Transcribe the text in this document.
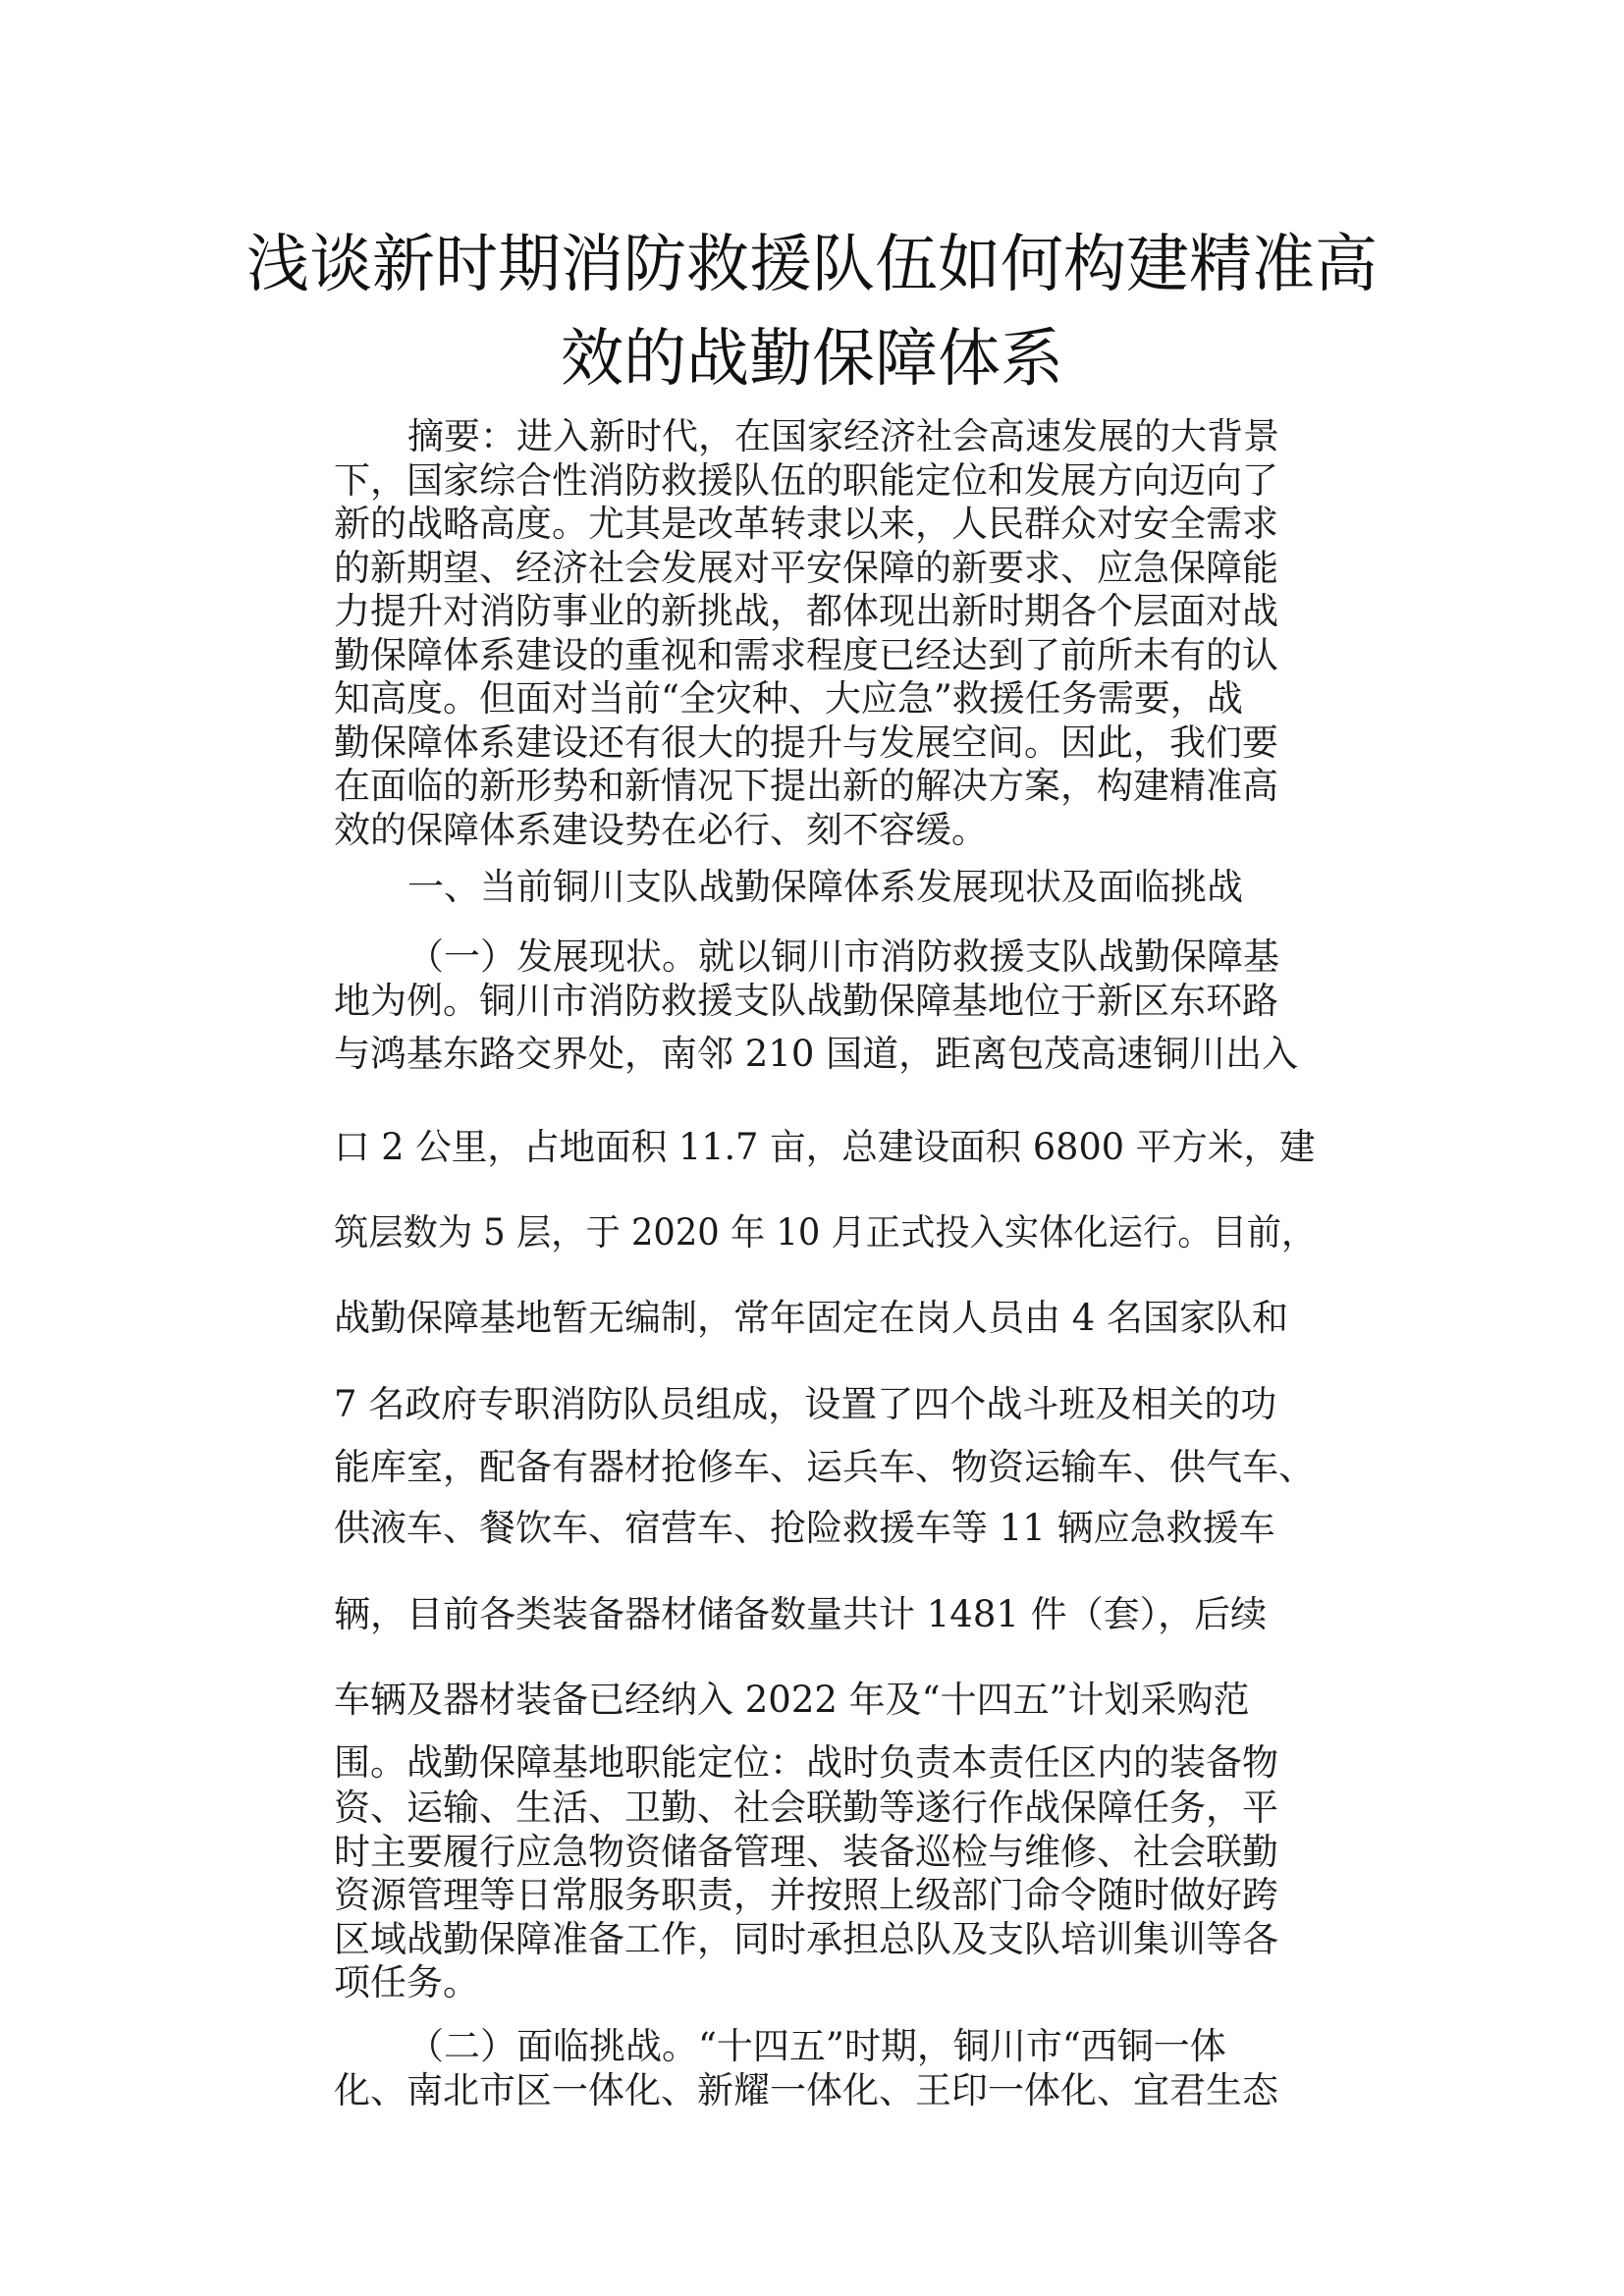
浅谈新时期消防救援队伍如何构建精准高
效的战勤保障体系

摘要：进入新时代，在国家经济社会高速发展的大背景

下，国家综合性消防救援队伍的职能定位和发展方向迈向了

新的战略高度。尤其是改革转隶以来，人民群众对安全需求

的新期望、经济社会发展对平安保障的新要求、应急保障能

力提升对消防事业的新挑战，都体现出新时期各个层面对战

勤保障体系建设的重视和需求程度已经达到了前所未有的认

知高度。但面对当前“全灾种、大应急”救援任务需要，战

勤保障体系建设还有很大的提升与发展空间。因此，我们要

在面临的新形势和新情况下提出新的解决方案，构建精准高

效的保障体系建设势在必行、刻不容缓。

一、当前铜川支队战勤保障体系发展现状及面临挑战

（一）发展现状。就以铜川市消防救援支队战勤保障基

地为例。铜川市消防救援支队战勤保障基地位于新区东环路

与鸿基东路交界处，南邻 210 国道，距离包茂高速铜川出入

口 2 公里，占地面积 11.7 亩，总建设面积 6800 平方米，建

筑层数为 5 层，于 2020 年 10 月正式投入实体化运行。目前，

战勤保障基地暂无编制，常年固定在岗人员由 4 名国家队和

7 名政府专职消防队员组成，设置了四个战斗班及相关的功

能库室，配备有器材抢修车、运兵车、物资运输车、供气车、

供液车、餐饮车、宿营车、抢险救援车等 11 辆应急救援车

辆，目前各类装备器材储备数量共计 1481 件（套），后续

车辆及器材装备已经纳入 2022 年及“十四五”计划采购范

围。战勤保障基地职能定位：战时负责本责任区内的装备物

资、运输、生活、卫勤、社会联勤等遂行作战保障任务，平

时主要履行应急物资储备管理、装备巡检与维修、社会联勤

资源管理等日常服务职责，并按照上级部门命令随时做好跨

区域战勤保障准备工作，同时承担总队及支队培训集训等各

项任务。

（二）面临挑战。“十四五”时期，铜川市“西铜一体

化、南北市区一体化、新耀一体化、王印一体化、宜君生态
